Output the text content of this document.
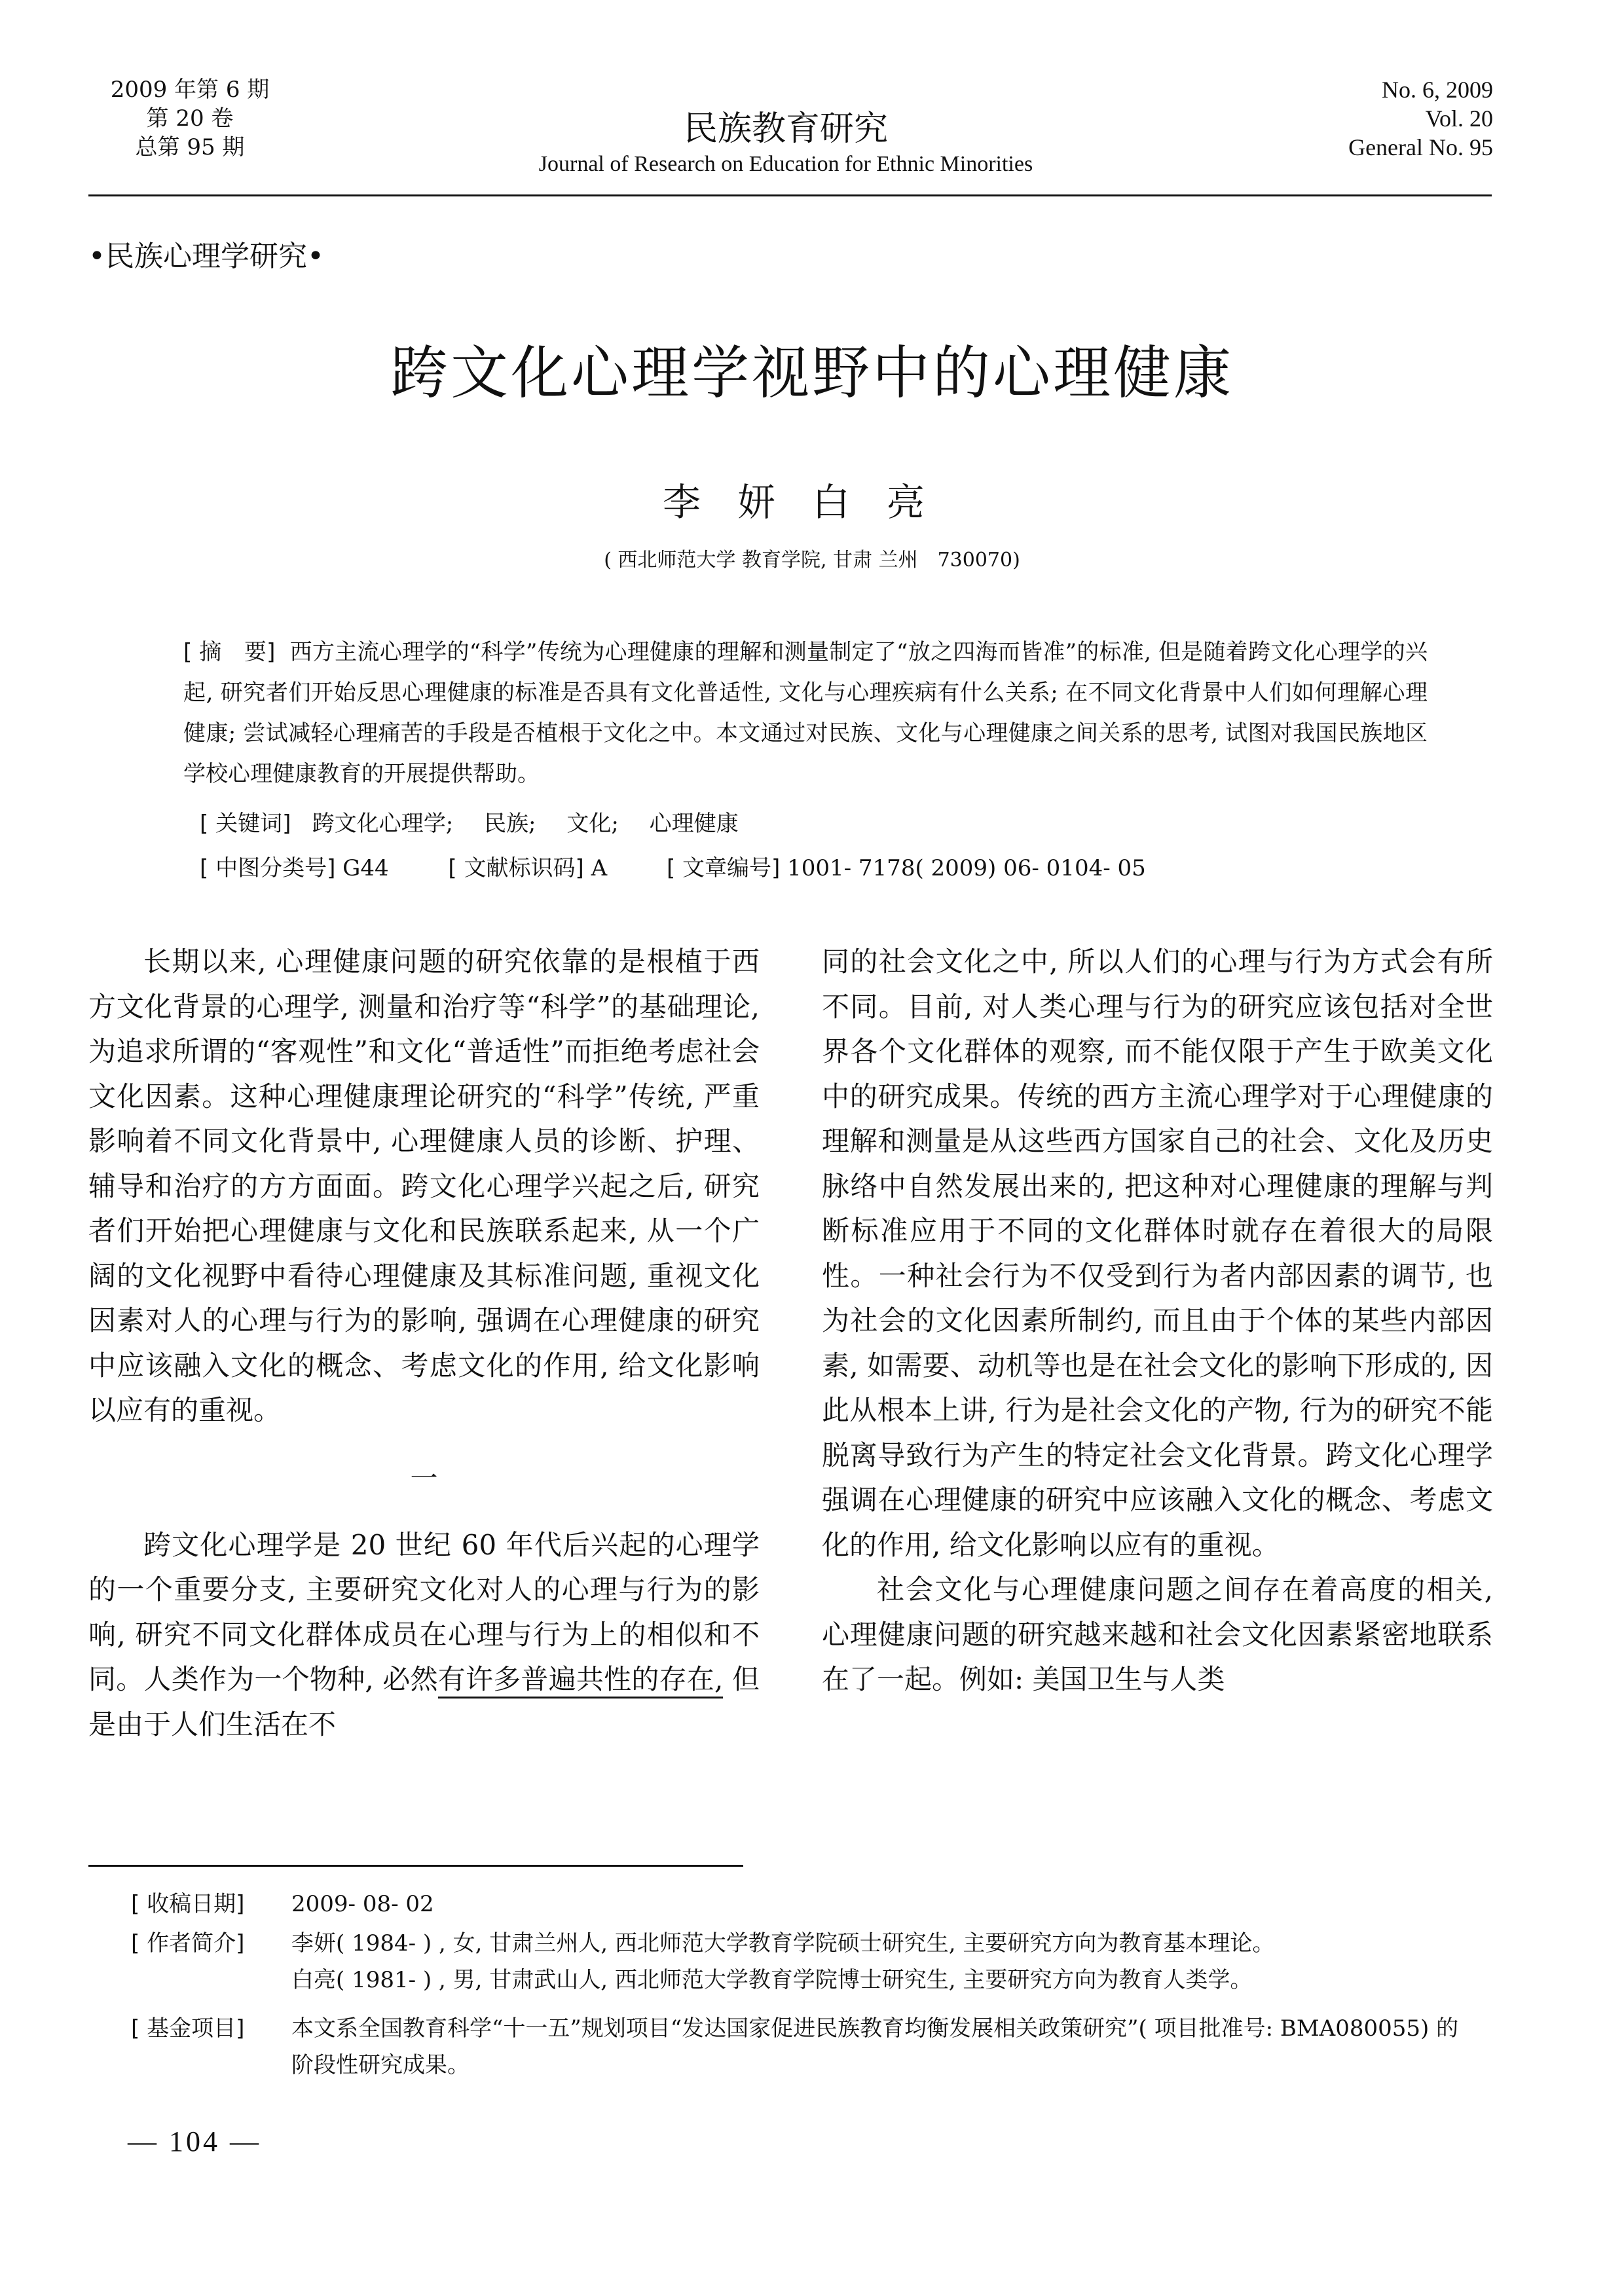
2009 年第 6 期
第 20 卷
总第 95 期	民族教育研究
Journal of Research on Education for Ethnic Minorities
No. 6, 2009
Vol. 20
General No. 95
•民族心理学研究•
跨文化心理学视野中的心理健康
李妍白亮
( 西北师范大学 教育学院, 甘肃 兰州　730070)
[ 摘　要] 西方主流心理学的“科学”传统为心理健康的理解和测量制定了“放之四海而皆准”的标准, 但是随着跨文化心理学的兴起, 研究者们开始反思心理健康的标准是否具有文化普适性, 文化与心理疾病有什么关系; 在不同文化背景中人们如何理解心理健康; 尝试减轻心理痛苦的手段是否植根于文化之中。本文通过对民族、文化与心理健康之间关系的思考, 试图对我国民族地区学校心理健康教育的开展提供帮助。
[ 关键词] 跨文化心理学; 民族; 文化; 心理健康
[ 中图分类号] G44	[ 文献标识码] A	[ 文章编号] 1001- 7178( 2009) 06- 0104- 05

长期以来, 心理健康问题的研究依靠的是根植于西方文化背景的心理学, 测量和治疗等“科学”的基础理论, 为追求所谓的“客观性”和文化“普适性”而拒绝考虑社会文化因素。这种心理健康理论研究的“科学”传统, 严重影响着不同文化背景中, 心理健康人员的诊断、护理、辅导和治疗的方方面面。跨文化心理学兴起之后, 研究者们开始把心理健康与文化和民族联系起来, 从一个广阔的文化视野中看待心理健康及其标准问题, 重视文化因素对人的心理与行为的影响, 强调在心理健康的研究中应该融入文化的概念、考虑文化的作用, 给文化影响以应有的重视。

一

跨文化心理学是 20 世纪 60 年代后兴起的心理学的一个重要分支, 主要研究文化对人的心理与行为的影响, 研究不同文化群体成员在心理与行为上的相似和不同。人类作为一个物种, 必然有许多普遍共性的存在, 但是由于人们生活在不

同的社会文化之中, 所以人们的心理与行为方式会有所不同。目前, 对人类心理与行为的研究应该包括对全世界各个文化群体的观察, 而不能仅限于产生于欧美文化中的研究成果。传统的西方主流心理学对于心理健康的理解和测量是从这些西方国家自己的社会、文化及历史脉络中自然发展出来的, 把这种对心理健康的理解与判断标准应用于不同的文化群体时就存在着很大的局限性。一种社会行为不仅受到行为者内部因素的调节, 也为社会的文化因素所制约, 而且由于个体的某些内部因素, 如需要、动机等也是在社会文化的影响下形成的, 因此从根本上讲, 行为是社会文化的产物, 行为的研究不能脱离导致行为产生的特定社会文化背景。跨文化心理学强调在心理健康的研究中应该融入文化的概念、考虑文化的作用, 给文化影响以应有的重视。

社会文化与心理健康问题之间存在着高度的相关, 心理健康问题的研究越来越和社会文化因素紧密地联系在了一起。例如: 美国卫生与人类

[ 收稿日期] 2009- 08- 02
[ 作者简介] 李妍( 1984- ) , 女, 甘肃兰州人, 西北师范大学教育学院硕士研究生, 主要研究方向为教育基本理论。
白亮( 1981- ) , 男, 甘肃武山人, 西北师范大学教育学院博士研究生, 主要研究方向为教育人类学。
[ 基金项目] 本文系全国教育科学“十一五”规划项目“发达国家促进民族教育均衡发展相关政策研究”( 项目批准号: BMA080055) 的阶段性研究成果。
— 104 —
